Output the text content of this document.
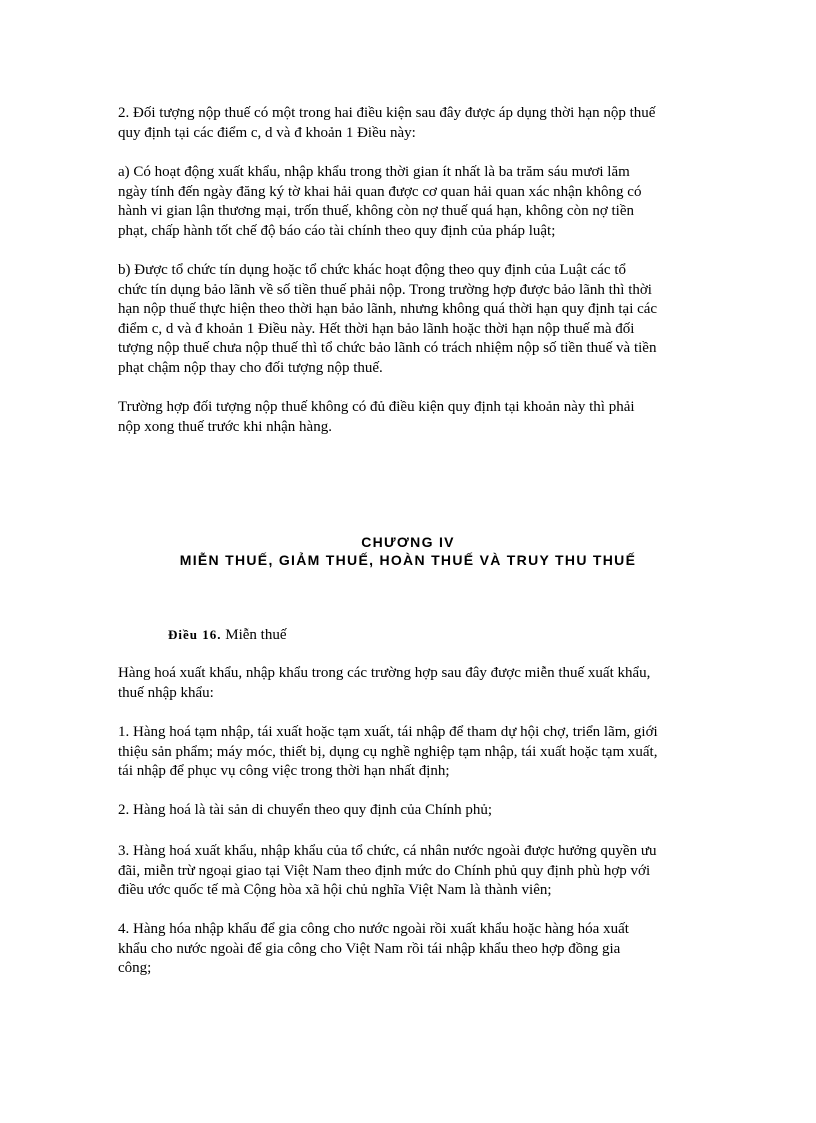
2. Đối tượng nộp thuế có một trong hai điều kiện sau đây được áp dụng thời hạn nộp thuế
quy định tại các điểm c, d và đ khoản 1 Điều này:

a) Có hoạt động xuất khẩu, nhập khẩu trong thời gian ít nhất là ba trăm sáu mươi lăm
ngày tính đến ngày đăng ký tờ khai hải quan được cơ quan hải quan xác nhận không có
hành vi gian lận thương mại, trốn thuế, không còn nợ thuế quá hạn, không còn nợ tiền
phạt, chấp hành tốt chế độ báo cáo tài chính theo quy định của pháp luật;

b) Được tổ chức tín dụng hoặc tổ chức khác hoạt động theo quy định của Luật các tổ
chức tín dụng bảo lãnh về số tiền thuế phải nộp. Trong trường hợp được bảo lãnh thì thời
hạn nộp thuế thực hiện theo thời hạn bảo lãnh, nhưng không quá thời hạn quy định tại các
điểm c, d và đ khoản 1 Điều này. Hết thời hạn bảo lãnh hoặc thời hạn nộp thuế mà đối
tượng nộp thuế chưa nộp thuế thì tổ chức bảo lãnh có trách nhiệm nộp số tiền thuế và tiền
phạt chậm nộp thay cho đối tượng nộp thuế.

Trường hợp đối tượng nộp thuế không có đủ điều kiện quy định tại khoản này thì phải
nộp xong thuế trước khi nhận hàng.

CHƯƠNG IV

MIỄN THUẾ, GIẢM THUẾ, HOÀN THUẾ VÀ TRUY THU THUẾ

Điều 16. Miễn thuế

Hàng hoá xuất khẩu, nhập khẩu trong các trường hợp sau đây được miễn thuế xuất khẩu,
thuế nhập khẩu:

1. Hàng hoá tạm nhập, tái xuất hoặc tạm xuất, tái nhập để tham dự hội chợ, triển lãm, giới
thiệu sản phẩm; máy móc, thiết bị, dụng cụ nghề nghiệp tạm nhập, tái xuất hoặc tạm xuất,
tái nhập để phục vụ công việc trong thời hạn nhất định;

2. Hàng hoá là tài sản di chuyển theo quy định của Chính phủ;

3. Hàng hoá xuất khẩu, nhập khẩu của tổ chức, cá nhân nước ngoài được hưởng quyền ưu
đãi, miễn trừ ngoại giao tại Việt Nam theo định mức do Chính phủ quy định phù hợp với
điều ước quốc tế mà Cộng hòa xã hội chủ nghĩa Việt Nam là thành viên;

4. Hàng hóa nhập khẩu để gia công cho nước ngoài rồi xuất khẩu hoặc hàng hóa xuất
khẩu cho nước ngoài để gia công cho Việt Nam rồi tái nhập khẩu theo hợp đồng gia
công;
